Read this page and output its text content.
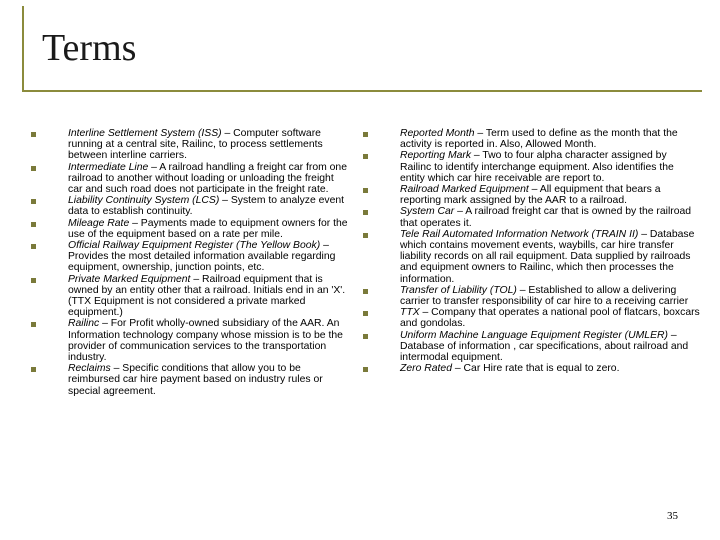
Terms
Interline Settlement System (ISS) – Computer software running at a central site, Railinc, to process settlements between interline carriers.
Intermediate Line – A railroad handling a freight car from one railroad to another without loading or unloading the freight car and such road does not participate in the freight rate.
Liability Continuity System (LCS) – System to analyze event data to establish continuity.
Mileage Rate – Payments made to equipment owners for the use of the equipment based on a rate per mile.
Official Railway Equipment Register (The Yellow Book) – Provides the most detailed information available regarding equipment, ownership, junction points, etc.
Private Marked Equipment – Railroad equipment that is owned by an entity other that a railroad. Initials end in an 'X'. (TTX Equipment is not considered a private marked equipment.)
Railinc – For Profit wholly-owned subsidiary of the AAR. An Information technology company whose mission is to be the provider of communication services to the transportation industry.
Reclaims – Specific conditions that allow you to be reimbursed car hire payment based on industry rules or special agreement.
Reported Month – Term used to define as the month that the activity is reported in. Also, Allowed Month.
Reporting Mark – Two to four alpha character assigned by Railinc to identify interchange equipment. Also identifies the entity which car hire receivable are report to.
Railroad Marked Equipment – All equipment that bears a reporting mark assigned by the AAR to a railroad.
System Car – A railroad freight car that is owned by the railroad that operates it.
Tele Rail Automated Information Network (TRAIN II) – Database which contains movement events, waybills, car hire transfer liability records on all rail equipment. Data supplied by railroads and equipment owners to Railinc, which then processes the information.
Transfer of Liability (TOL) – Established to allow a delivering carrier to transfer responsibility of car hire to a receiving carrier
TTX – Company that operates a national pool of flatcars, boxcars and gondolas.
Uniform Machine Language Equipment Register (UMLER) – Database of information , car specifications, about railroad and intermodal equipment.
Zero Rated – Car Hire rate that is equal to zero.
35
